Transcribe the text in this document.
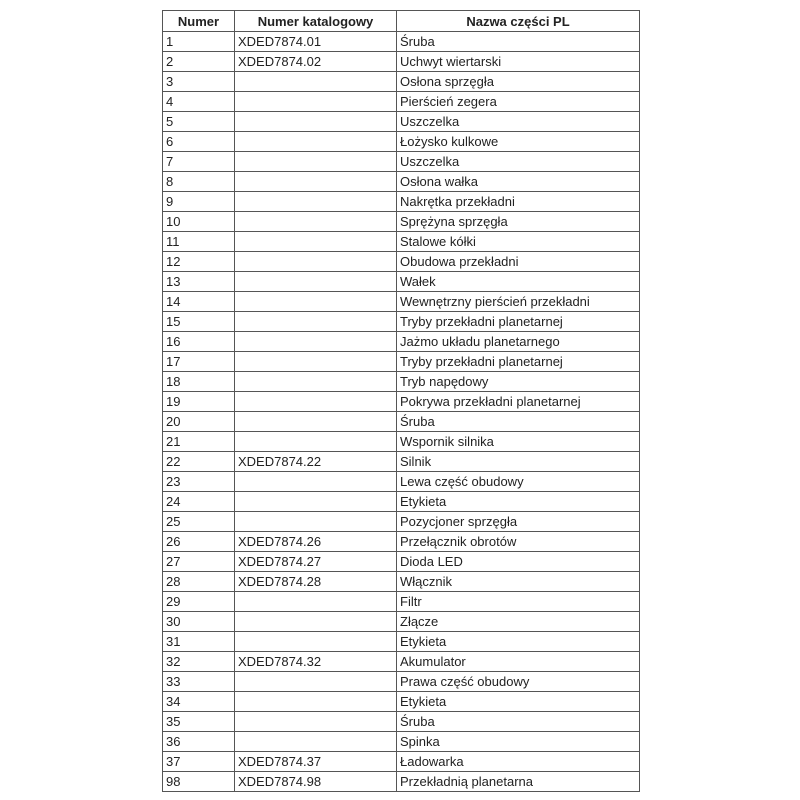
Numer	Numer katalogowy	Nazwa części PL
1	XDED7874.01	Śruba
2	XDED7874.02	Uchwyt wiertarski
3		Osłona sprzęgła
4		Pierścień zegera
5		Uszczelka
6		Łożysko kulkowe
7		Uszczelka
8		Osłona wałka
9		Nakrętka przekładni
10		Sprężyna sprzęgła
11		Stalowe kółki
12		Obudowa przekładni
13		Wałek
14		Wewnętrzny pierścień przekładni
15		Tryby przekładni planetarnej
16		Jażmo układu planetarnego
17		Tryby przekładni planetarnej
18		Tryb napędowy
19		Pokrywa przekładni planetarnej
20		Śruba
21		Wspornik silnika
22	XDED7874.22	Silnik
23		Lewa część obudowy
24		Etykieta
25		Pozycjoner sprzęgła
26	XDED7874.26	Przełącznik obrotów
27	XDED7874.27	Dioda LED
28	XDED7874.28	Włącznik
29		Filtr
30		Złącze
31		Etykieta
32	XDED7874.32	Akumulator
33		Prawa część obudowy
34		Etykieta
35		Śruba
36		Spinka
37	XDED7874.37	Ładowarka
98	XDED7874.98	Przekładnią planetarna
